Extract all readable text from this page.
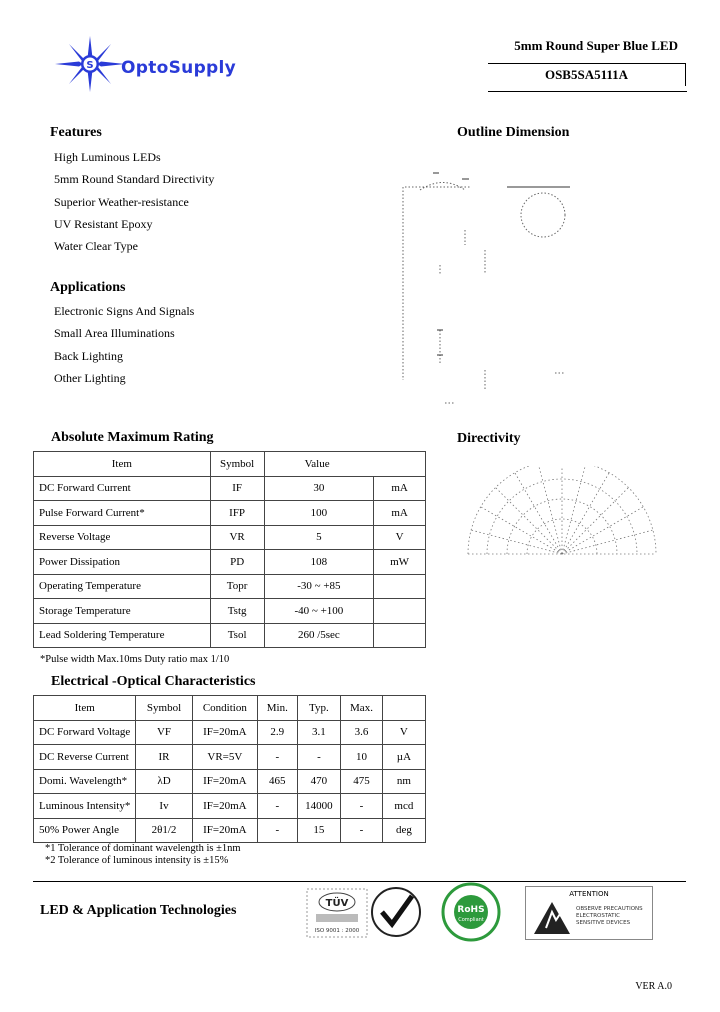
S OptoSupply
5mm Round Super Blue LED
OSB5SA5111A
Features
High Luminous LEDs
5mm Round Standard Directivity
Superior Weather-resistance
UV Resistant Epoxy
Water Clear Type
Applications
Electronic Signs And Signals
Small Area Illuminations
Back Lighting
Other Lighting
Outline Dimension
Directivity
Absolute Maximum Rating
Item	Symbol	Value	
DC Forward Current	IF	30	mA
Pulse Forward Current*	IFP	100	mA
Reverse Voltage	VR	5	V
Power Dissipation	PD	108	mW
Operating Temperature	Topr	-30 ~ +85	
Storage Temperature	Tstg	-40 ~ +100	
Lead Soldering Temperature	Tsol	260 /5sec	
*Pulse width Max.10ms Duty ratio max 1/10
Electrical -Optical Characteristics
Item	Symbol	Condition	Min.	Typ.	Max.	
DC Forward Voltage	VF	IF=20mA	2.9	3.1	3.6	V
DC Reverse Current	IR	VR=5V	-	-	10	µA
Domi. Wavelength*	λD	IF=20mA	465	470	475	nm
Luminous Intensity*	Iv	IF=20mA	-	14000	-	mcd
50% Power Angle	2θ1/2	IF=20mA	-	15	-	deg
*1 Tolerance of dominant wavelength is ±1nm
*2 Tolerance of luminous intensity is ±15%
LED & Application Technologies	TÜV
ISO 9001 : 2000
RoHS
Compliant
ATTENTION
OBSERVE PRECAUTIONS
ELECTROSTATIC
SENSITIVE DEVICES
VER A.0
